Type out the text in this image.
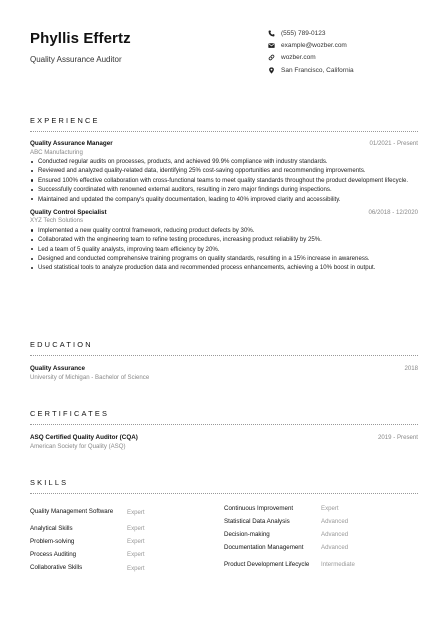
Phyllis Effertz
Quality Assurance Auditor
(555) 789-0123
example@wozber.com
wozber.com
San Francisco, California
EXPERIENCE
Quality Assurance Manager	01/2021 - Present
ABC Manufacturing
Conducted regular audits on processes, products, and achieved 99.9% compliance with industry standards.
Reviewed and analyzed quality-related data, identifying 25% cost-saving opportunities and recommending improvements.
Ensured 100% effective collaboration with cross-functional teams to meet quality standards throughout the product development lifecycle.
Successfully coordinated with renowned external auditors, resulting in zero major findings during inspections.
Maintained and updated the company's quality documentation, leading to 40% improved clarity and accessibility.
Quality Control Specialist	06/2018 - 12/2020
XYZ Tech Solutions
Implemented a new quality control framework, reducing product defects by 30%.
Collaborated with the engineering team to refine testing procedures, increasing product reliability by 25%.
Led a team of 5 quality analysts, improving team efficiency by 20%.
Designed and conducted comprehensive training programs on quality standards, resulting in a 15% increase in awareness.
Used statistical tools to analyze production data and recommended process enhancements, achieving a 10% boost in output.
EDUCATION
Quality Assurance	2018
University of Michigan - Bachelor of Science
CERTIFICATES
ASQ Certified Quality Auditor (CQA)	2019 - Present
American Society for Quality (ASQ)
SKILLS
Quality Management Software	Expert
Analytical Skills	Expert
Problem-solving	Expert
Process Auditing	Expert
Collaborative Skills	Expert
Continuous Improvement	Expert
Statistical Data Analysis	Advanced
Decision-making	Advanced
Documentation Management	Advanced
Product Development Lifecycle	Intermediate
